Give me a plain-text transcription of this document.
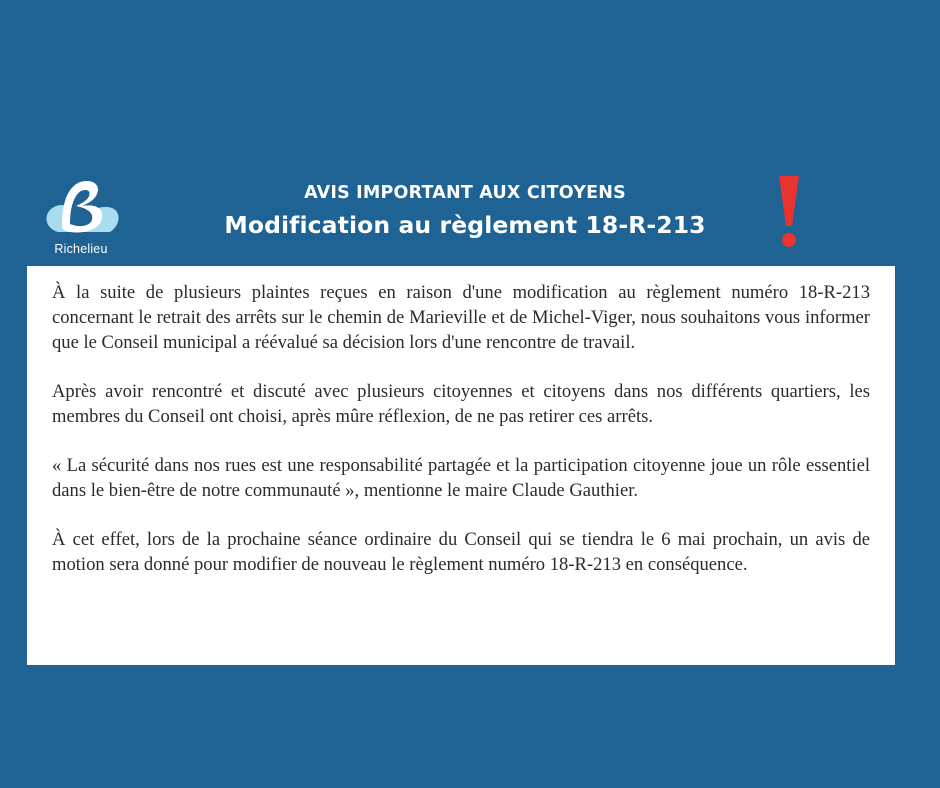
Richelieu
AVIS IMPORTANT AUX CITOYENS
Modification au règlement 18-R-213

À la suite de plusieurs plaintes reçues en raison d'une modification au règlement numéro 18-R-213 concernant le retrait des arrêts sur le chemin de Marieville et de Michel-Viger, nous souhaitons vous informer que le Conseil municipal a réévalué sa décision lors d'une rencontre de travail.

Après avoir rencontré et discuté avec plusieurs citoyennes et citoyens dans nos différents quartiers, les membres du Conseil ont choisi, après mûre réflexion, de ne pas retirer ces arrêts.

« La sécurité dans nos rues est une responsabilité partagée et la participation citoyenne joue un rôle essentiel dans le bien-être de notre communauté », mentionne le maire Claude Gauthier.

À cet effet, lors de la prochaine séance ordinaire du Conseil qui se tiendra le 6 mai prochain, un avis de motion sera donné pour modifier de nouveau le règlement numéro 18-R-213 en conséquence.
